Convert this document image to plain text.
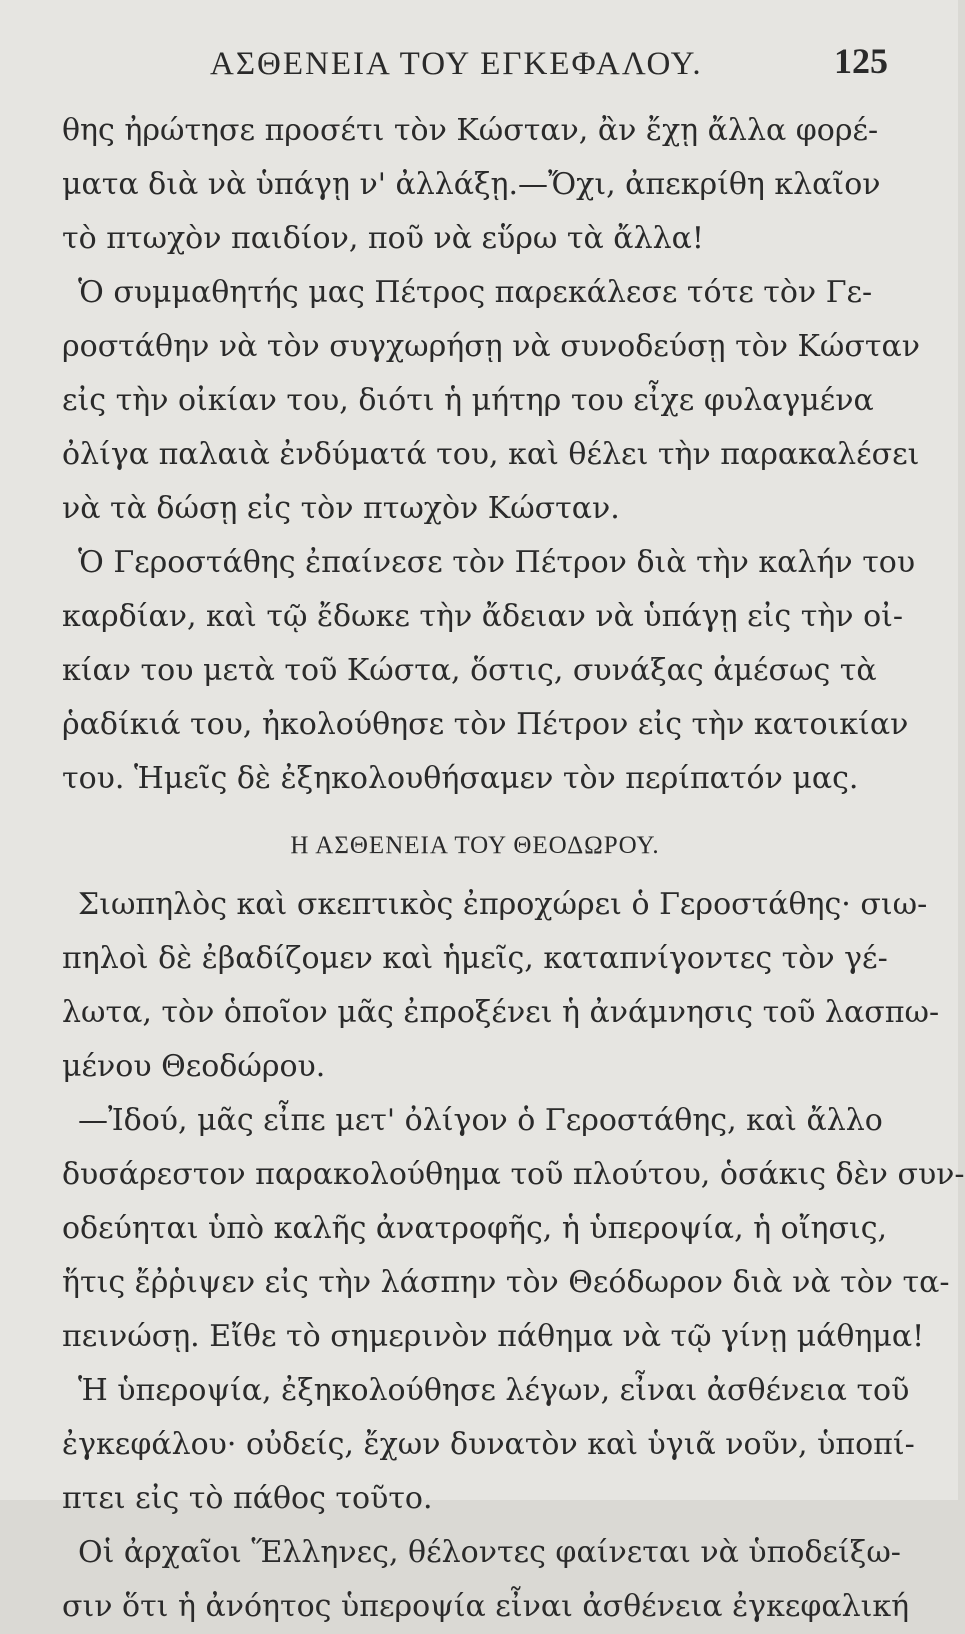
ΑΣΘΕΝΕΙΑ ΤΟΥ ΕΓΚΕΦΑΛΟΥ.	125
θης ἠρώτησε προσέτι τὸν Κώσταν, ἂν ἔχῃ ἄλλα φορέ-
ματα διὰ νὰ ὑπάγῃ ν' ἀλλάξῃ.—Ὄχι, ἀπεκρίθη κλαῖον
τὸ πτωχὸν παιδίον, ποῦ νὰ εὕρω τὰ ἄλλα!
Ὁ συμμαθητής μας Πέτρος παρεκάλεσε τότε τὸν Γε-
ροστάθην νὰ τὸν συγχωρήσῃ νὰ συνοδεύσῃ τὸν Κώσταν
εἰς τὴν οἰκίαν του, διότι ἡ μήτηρ του εἶχε φυλαγμένα
ὀλίγα παλαιὰ ἐνδύματά του, καὶ θέλει τὴν παρακαλέσει
νὰ τὰ δώσῃ εἰς τὸν πτωχὸν Κώσταν.
Ὁ Γεροστάθης ἐπαίνεσε τὸν Πέτρον διὰ τὴν καλήν του
καρδίαν, καὶ τῷ ἔδωκε τὴν ἄδειαν νὰ ὑπάγῃ εἰς τὴν οἰ-
κίαν του μετὰ τοῦ Κώστα, ὅστις, συνάξας ἀμέσως τὰ
ῥαδίκιά του, ἠκολούθησε τὸν Πέτρον εἰς τὴν κατοικίαν
του. Ἡμεῖς δὲ ἐξηκολουθήσαμεν τὸν περίπατόν μας.
Η ΑΣΘΕΝΕΙΑ ΤΟΥ ΘΕΟΔΩΡΟΥ.
Σιωπηλὸς καὶ σκεπτικὸς ἐπροχώρει ὁ Γεροστάθης· σιω-
πηλοὶ δὲ ἐβαδίζομεν καὶ ἡμεῖς, καταπνίγοντες τὸν γέ-
λωτα, τὸν ὁποῖον μᾶς ἐπροξένει ἡ ἀνάμνησις τοῦ λασπω-
μένου Θεοδώρου.
—Ἰδού, μᾶς εἶπε μετ' ὀλίγον ὁ Γεροστάθης, καὶ ἄλλο
δυσάρεστον παρακολούθημα τοῦ πλούτου, ὁσάκις δὲν συν-
οδεύηται ὑπὸ καλῆς ἀνατροφῆς, ἡ ὑπεροψία, ἡ οἴησις,
ἥτις ἔῤῥιψεν εἰς τὴν λάσπην τὸν Θεόδωρον διὰ νὰ τὸν τα-
πεινώσῃ. Εἴθε τὸ σημερινὸν πάθημα νὰ τῷ γίνῃ μάθημα!
Ἡ ὑπεροψία, ἐξηκολούθησε λέγων, εἶναι ἀσθένεια τοῦ
ἐγκεφάλου· οὐδείς, ἔχων δυνατὸν καὶ ὑγιᾶ νοῦν, ὑποπί-
πτει εἰς τὸ πάθος τοῦτο.
Οἱ ἀρχαῖοι Ἕλληνες, θέλοντες φαίνεται νὰ ὑποδείξω-
σιν ὅτι ἡ ἀνόητος ὑπεροψία εἶναι ἀσθένεια ἐγκεφαλική
